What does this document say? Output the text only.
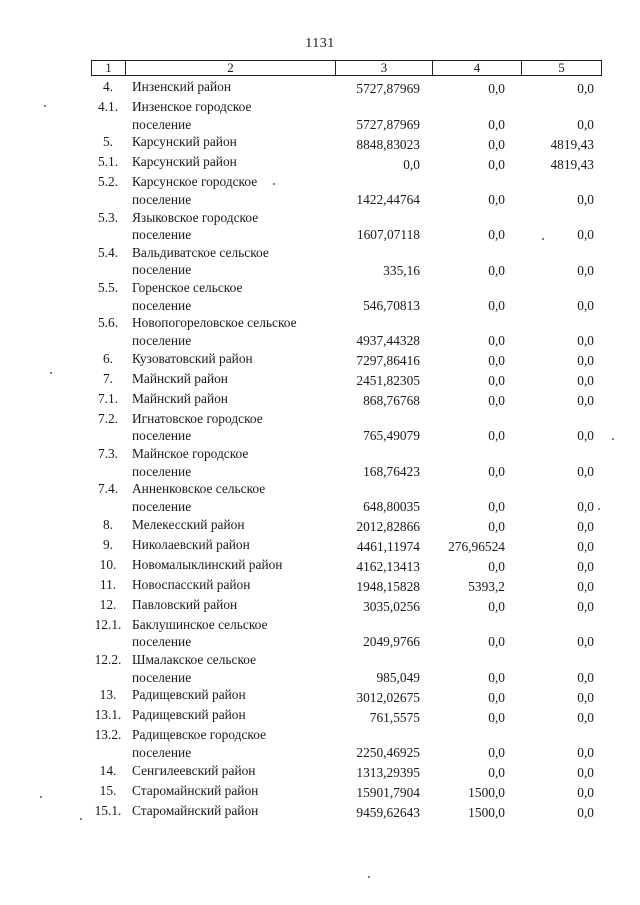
1131
1	2	3	4	5
4.	Инзенский район	5727,87969	0,0	0,0
4.1.	Инзенское городское
поселение	5727,87969	0,0	0,0
5.	Карсунский район	8848,83023	0,0	4819,43
5.1.	Карсунский район	0,0	0,0	4819,43
5.2.	Карсунское городское
поселение	1422,44764	0,0	0,0
5.3.	Языковское городское
поселение	1607,07118	0,0	0,0
5.4.	Вальдиватское сельское
поселение	335,16	0,0	0,0
5.5.	Горенское сельское
поселение	546,70813	0,0	0,0
5.6.	Новопогореловское сельское
поселение	4937,44328	0,0	0,0
6.	Кузоватовский район	7297,86416	0,0	0,0
7.	Майнский район	2451,82305	0,0	0,0
7.1.	Майнский район	868,76768	0,0	0,0
7.2.	Игнатовское городское
поселение	765,49079	0,0	0,0
7.3.	Майнское городское
поселение	168,76423	0,0	0,0
7.4.	Анненковское сельское
поселение	648,80035	0,0	0,0
8.	Мелекесский район	2012,82866	0,0	0,0
9.	Николаевский район	4461,11974	276,96524	0,0
10.	Новомалыклинский район	4162,13413	0,0	0,0
11.	Новоспасский район	1948,15828	5393,2	0,0
12.	Павловский район	3035,0256	0,0	0,0
12.1. Баклушинское сельское
поселение	2049,9766	0,0	0,0
12.2. Шмалакское сельское
поселение	985,049	0,0	0,0
13.	Радищевский район	3012,02675	0,0	0,0
13.1. Радищевский район	761,5575	0,0	0,0
13.2. Радищевское городское
поселение	2250,46925	0,0	0,0
14.	Сенгилеевский район	1313,29395	0,0	0,0
15.	Старомайнский район	15901,7904	1500,0	0,0
15.1. Старомайнский район	9459,62643	1500,0	0,0
